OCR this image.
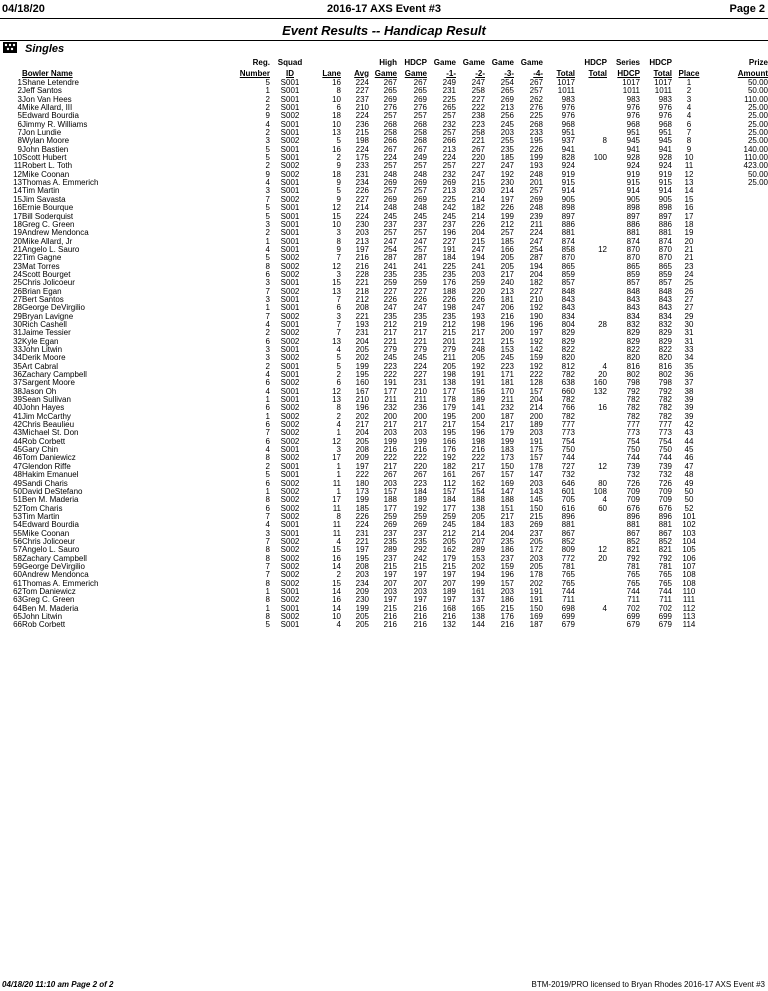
04/18/20	2016-17 AXS Event #3	Page 2
Event Results -- Handicap Result
Singles
		Reg.	Squad			High	HDCP	Game	Game	Game	Game		HDCP	Series	HDCP		Prize	
	Bowler Name	Number	ID	Lane	Avg	Game	Game	-1-	-2-	-3-	-4-	Total	Total	HDCP	Total	Place	Amount	
1	Shane Letendre	5	S001	16	224	267	267	249	247	254	267	1017		1017	1017	1	50.00	
2	Jeff Santos	1	S001	8	227	265	265	231	258	265	257	1011		1011	1011	2	50.00	
3	Jon Van Hees	2	S001	10	237	269	269	225	227	269	262	983		983	983	3	110.00	
4	Mike Allard, III	2	S001	6	210	276	276	265	222	213	276	976		976	976	4	25.00	
5	Edward Bourdia	9	S002	18	224	257	257	257	238	256	225	976		976	976	4	25.00	
6	Jimmy R. Williams	4	S001	10	236	268	268	232	223	245	268	968		968	968	6	25.00	
7	Jon Lundie	2	S001	13	215	258	258	257	258	203	233	951		951	951	7	25.00	
8	Wylan Moore	3	S002	5	198	266	268	266	221	255	195	937	8	945	945	8	25.00	
9	John Bastien	5	S001	16	224	267	267	213	267	235	226	941		941	941	9	140.00	
10	Scott Hubert	5	S001	2	175	224	249	224	220	185	199	828	100	928	928	10	110.00	
11	Robert L. Toth	2	S002	9	233	257	257	257	227	247	193	924		924	924	11	423.00	
12	Mike Coonan	9	S002	18	231	248	248	232	247	192	248	919		919	919	12	50.00	
13	Thomas A. Emmerich	4	S001	9	234	269	269	269	215	230	201	915		915	915	13	25.00	
14	Tim Martin	3	S001	5	226	257	257	213	230	214	257	914		914	914	14		
15	Jim Savasta	7	S002	9	227	269	269	225	214	197	269	905		905	905	15		
16	Ernie Bourque	5	S001	12	214	248	248	242	182	226	248	898		898	898	16		
17	Bill Soderquist	5	S001	15	224	245	245	245	214	199	239	897		897	897	17		
18	Greg C. Green	3	S001	10	230	237	237	237	226	212	211	886		886	886	18		
19	Andrew Mendonca	2	S001	3	203	257	257	196	204	257	224	881		881	881	19		
20	Mike Allard, Jr	1	S001	8	213	247	247	227	215	185	247	874		874	874	20		
21	Angelo L. Sauro	4	S001	9	197	254	257	191	247	166	254	858	12	870	870	21		
22	Tim Gagne	5	S002	7	216	287	287	184	194	205	287	870		870	870	21		
23	Mat Torres	8	S002	12	216	241	241	225	241	205	194	865		865	865	23		
24	Scott Bourget	6	S002	3	228	235	235	235	203	217	204	859		859	859	24		
25	Chris Jolicoeur	3	S001	15	221	259	259	176	259	240	182	857		857	857	25		
26	Brian Egan	7	S002	13	218	227	227	188	220	213	227	848		848	848	26		
27	Bert Santos	3	S001	7	212	226	226	226	226	181	210	843		843	843	27		
28	George DeVirgilio	1	S001	6	208	247	247	198	247	206	192	843		843	843	27		
29	Bryan Lavigne	7	S002	3	221	235	235	235	193	216	190	834		834	834	29		
30	Rich Cashell	4	S001	7	193	212	219	212	198	196	196	804	28	832	832	30		
31	Jaime Tessier	2	S002	7	231	217	217	215	217	200	197	829		829	829	31		
32	Kyle Egan	6	S002	13	204	221	221	201	221	215	192	829		829	829	31		
33	John Litwin	3	S001	4	205	279	279	279	248	153	142	822		822	822	33		
34	Derik Moore	3	S002	5	202	245	245	211	205	245	159	820		820	820	34		
35	Art Cabral	2	S001	5	199	223	224	205	192	223	192	812	4	816	816	35		
36	Zachary Campbell	4	S001	2	195	222	227	198	191	171	222	782	20	802	802	36		
37	Sargent Moore	6	S002	6	160	191	231	138	191	181	128	638	160	798	798	37		
38	Jason Oh	4	S001	12	167	177	210	177	156	170	157	660	132	792	792	38		
39	Sean Sullivan	1	S001	13	210	211	211	178	189	211	204	782		782	782	39		
40	John Hayes	6	S002	8	196	232	236	179	141	232	214	766	16	782	782	39		
41	Jim McCarthy	1	S002	2	202	200	200	195	200	187	200	782		782	782	39		
42	Chris Beaulieu	6	S002	4	217	217	217	217	154	217	189	777		777	777	42		
43	Michael St. Don	7	S002	1	204	203	203	195	196	179	203	773		773	773	43		
44	Rob Corbett	6	S002	12	205	199	199	166	198	199	191	754		754	754	44		
45	Gary Chin	4	S001	3	208	216	216	176	216	183	175	750		750	750	45		
46	Tom Daniewicz	8	S002	17	209	222	222	192	222	173	157	744		744	744	46		
47	Glendon Riffe	2	S001	1	197	217	220	182	217	150	178	727	12	739	739	47		
48	Hakim Emanuel	5	S001	1	222	267	267	161	267	157	147	732		732	732	48		
49	Sandi Charis	6	S002	11	180	203	223	112	162	169	203	646	80	726	726	49		
50	David DeStefano	1	S002	1	173	157	184	157	154	147	143	601	108	709	709	50		
51	Ben M. Maderia	8	S002	17	199	188	189	184	188	188	145	705	4	709	709	50		
52	Tom Charis	6	S002	11	185	177	192	177	138	151	150	616	60	676	676	52		
53	Tim Martin	7	S002	8	226	259	259	259	205	217	215	896		896	896	101		
54	Edward Bourdia	4	S001	11	224	269	269	245	184	183	269	881		881	881	102		
55	Mike Coonan	3	S001	11	231	237	237	212	214	204	237	867		867	867	103		
56	Chris Jolicoeur	7	S002	4	221	235	235	205	207	235	205	852		852	852	104		
57	Angelo L. Sauro	8	S002	15	197	289	292	162	289	186	172	809	12	821	821	105		
58	Zachary Campbell	8	S002	16	195	237	242	179	153	237	203	772	20	792	792	106		
59	George DeVirgilio	7	S002	14	208	215	215	215	202	159	205	781		781	781	107		
60	Andrew Mendonca	7	S002	2	203	197	197	197	194	196	178	765		765	765	108		
61	Thomas A. Emmerich	8	S002	15	234	207	207	207	199	157	202	765		765	765	108		
62	Tom Daniewicz	1	S001	14	209	203	203	189	161	203	191	744		744	744	110		
63	Greg C. Green	8	S002	16	230	197	197	197	137	186	191	711		711	711	111		
64	Ben M. Maderia	1	S001	14	199	215	216	168	165	215	150	698	4	702	702	112		
65	John Litwin	8	S002	10	205	216	216	216	138	176	169	699		699	699	113		
66	Rob Corbett	5	S001	4	205	216	216	132	144	216	187	679		679	679	114		
04/18/20 11:10 am Page 2 of 2	BTM-2019/PRO licensed to Bryan Rhodes 2016-17 AXS Event #3
